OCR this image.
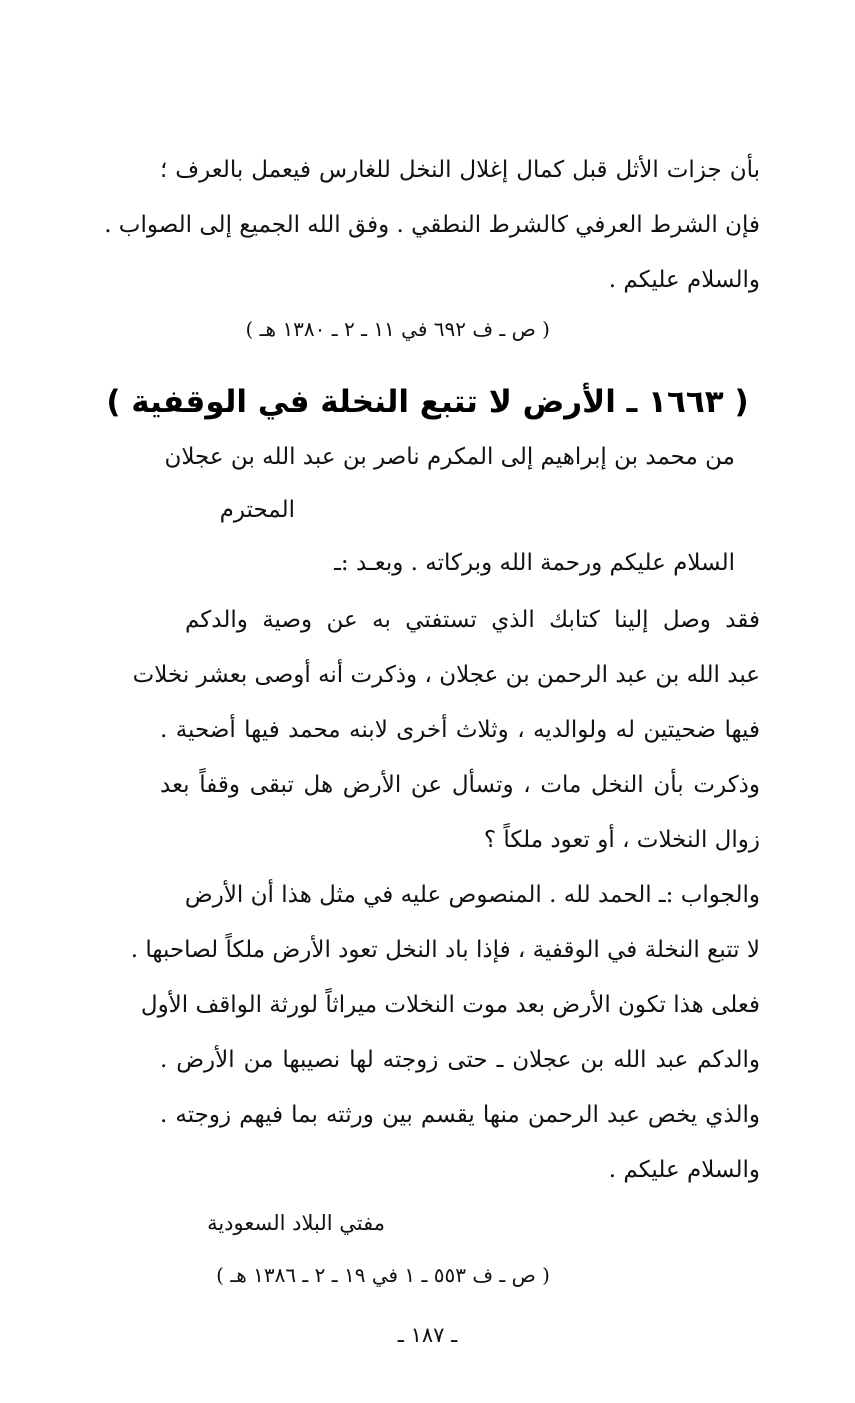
بأن جزات الأثل قبل كمال إغلال النخل للغارس فيعمل بالعرف ؛
فإن الشرط العرفي كالشرط النطقي . وفق الله الجميع إلى الصواب .
والسلام عليكم .
( ص ـ ف ٦٩٢ في ١١ ـ ٢ ـ ١٣٨٠ هـ )
( ١٦٦٣ ـ الأرض لا تتبع النخلة في الوقفية )
من محمد بن إبراهيم إلى المكرم ناصر بن عبد الله بن عجلان
المحترم
السلام عليكم ورحمة الله وبركاته . وبعـد :ـ
فقد وصل إلينا كتابك الذي تستفتي به عن وصية والدكم
عبد الله بن عبد الرحمن بن عجلان ، وذكرت أنه أوصى بعشر نخلات
فيها ضحيتين له ولوالديه ، وثلاث أخرى لابنه محمد فيها أضحية .
وذكرت بأن النخل مات ، وتسأل عن الأرض هل تبقى وقفاً بعد
زوال النخلات ، أو تعود ملكاً ؟
والجواب :ـ الحمد لله . المنصوص عليه في مثل هذا أن الأرض
لا تتبع النخلة في الوقفية ، فإذا باد النخل تعود الأرض ملكاً لصاحبها .
فعلى هذا تكون الأرض بعد موت النخلات ميراثاً لورثة الواقف الأول
والدكم عبد الله بن عجلان ـ حتى زوجته لها نصيبها من الأرض .
والذي يخص عبد الرحمن منها يقسم بين ورثته بما فيهم زوجته .
والسلام عليكم .
مفتي البلاد السعودية
( ص ـ ف ٥٥٣ ـ ١ في ١٩ ـ ٢ ـ ١٣٨٦ هـ )
ـ ١٨٧ ـ
